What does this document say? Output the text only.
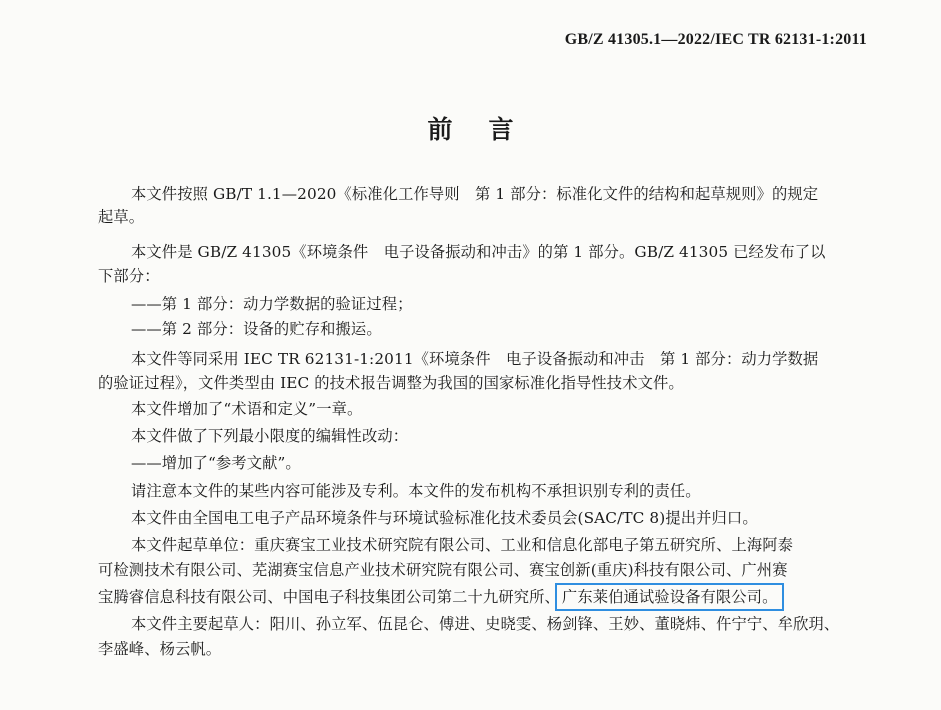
GB/Z 41305.1—2022/IEC TR 62131-1:2011
前言
本文件按照 GB/T 1.1—2020《标准化工作导则　第 1 部分：标准化文件的结构和起草规则》的规定
起草。
本文件是 GB/Z 41305《环境条件　电子设备振动和冲击》的第 1 部分。GB/Z 41305 已经发布了以
下部分：
——第 1 部分：动力学数据的验证过程；
——第 2 部分：设备的贮存和搬运。
本文件等同采用 IEC TR 62131-1:2011《环境条件　电子设备振动和冲击　第 1 部分：动力学数据
的验证过程》，文件类型由 IEC 的技术报告调整为我国的国家标准化指导性技术文件。
本文件增加了“术语和定义”一章。
本文件做了下列最小限度的编辑性改动：
——增加了“参考文献”。
请注意本文件的某些内容可能涉及专利。本文件的发布机构不承担识别专利的责任。
本文件由全国电工电子产品环境条件与环境试验标准化技术委员会(SAC/TC 8)提出并归口。
本文件起草单位：重庆赛宝工业技术研究院有限公司、工业和信息化部电子第五研究所、上海阿泰
可检测技术有限公司、芜湖赛宝信息产业技术研究院有限公司、赛宝创新(重庆)科技有限公司、广州赛
宝腾睿信息科技有限公司、中国电子科技集团公司第二十九研究所、 广东莱伯通试验设备有限公司。
本文件主要起草人：阳川、孙立军、伍昆仑、傅进、史晓雯、杨剑锋、王妙、董晓炜、仵宁宁、牟欣玥、
李盛峰、杨云帆。
